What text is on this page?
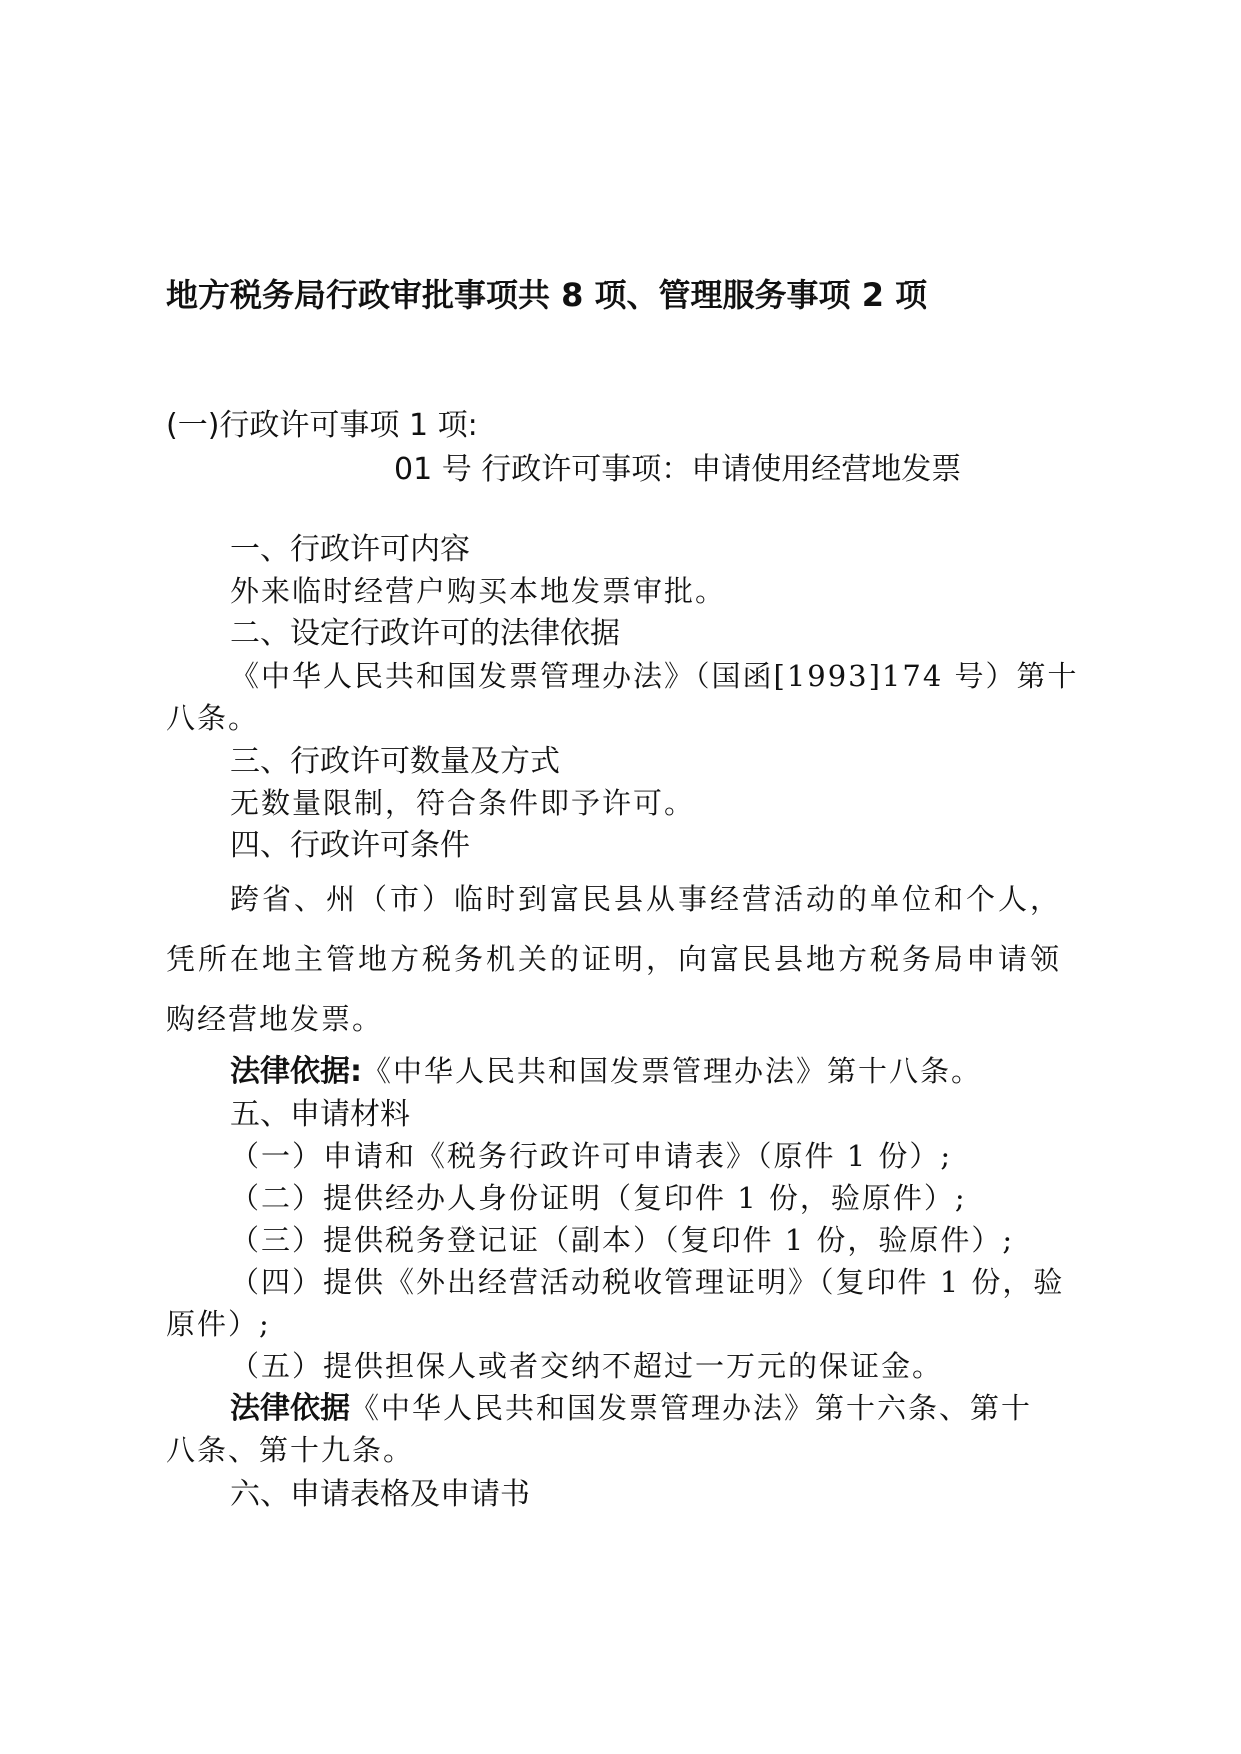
地方税务局行政审批事项共 8 项、管理服务事项 2 项
(一)行政许可事项 1 项:
01 号 行政许可事项：申请使用经营地发票
一、行政许可内容
外来临时经营户购买本地发票审批。
二、设定行政许可的法律依据
《中华人民共和国发票管理办法》（国函[1993]174 号）第十
八条。
三、行政许可数量及方式
无数量限制，符合条件即予许可。
四、行政许可条件
跨省、州（市）临时到富民县从事经营活动的单位和个人，
凭所在地主管地方税务机关的证明，向富民县地方税务局申请领
购经营地发票。
法律依据:《中华人民共和国发票管理办法》第十八条。
五、申请材料
（一）申请和《税务行政许可申请表》（原件 1 份）;
（二）提供经办人身份证明（复印件 1 份，验原件）;
（三）提供税务登记证（副本）（复印件 1 份，验原件）;
（四）提供《外出经营活动税收管理证明》（复印件 1 份，验
原件）;
（五）提供担保人或者交纳不超过一万元的保证金。
法律依据《中华人民共和国发票管理办法》第十六条、第十
八条、第十九条。
六、申请表格及申请书
